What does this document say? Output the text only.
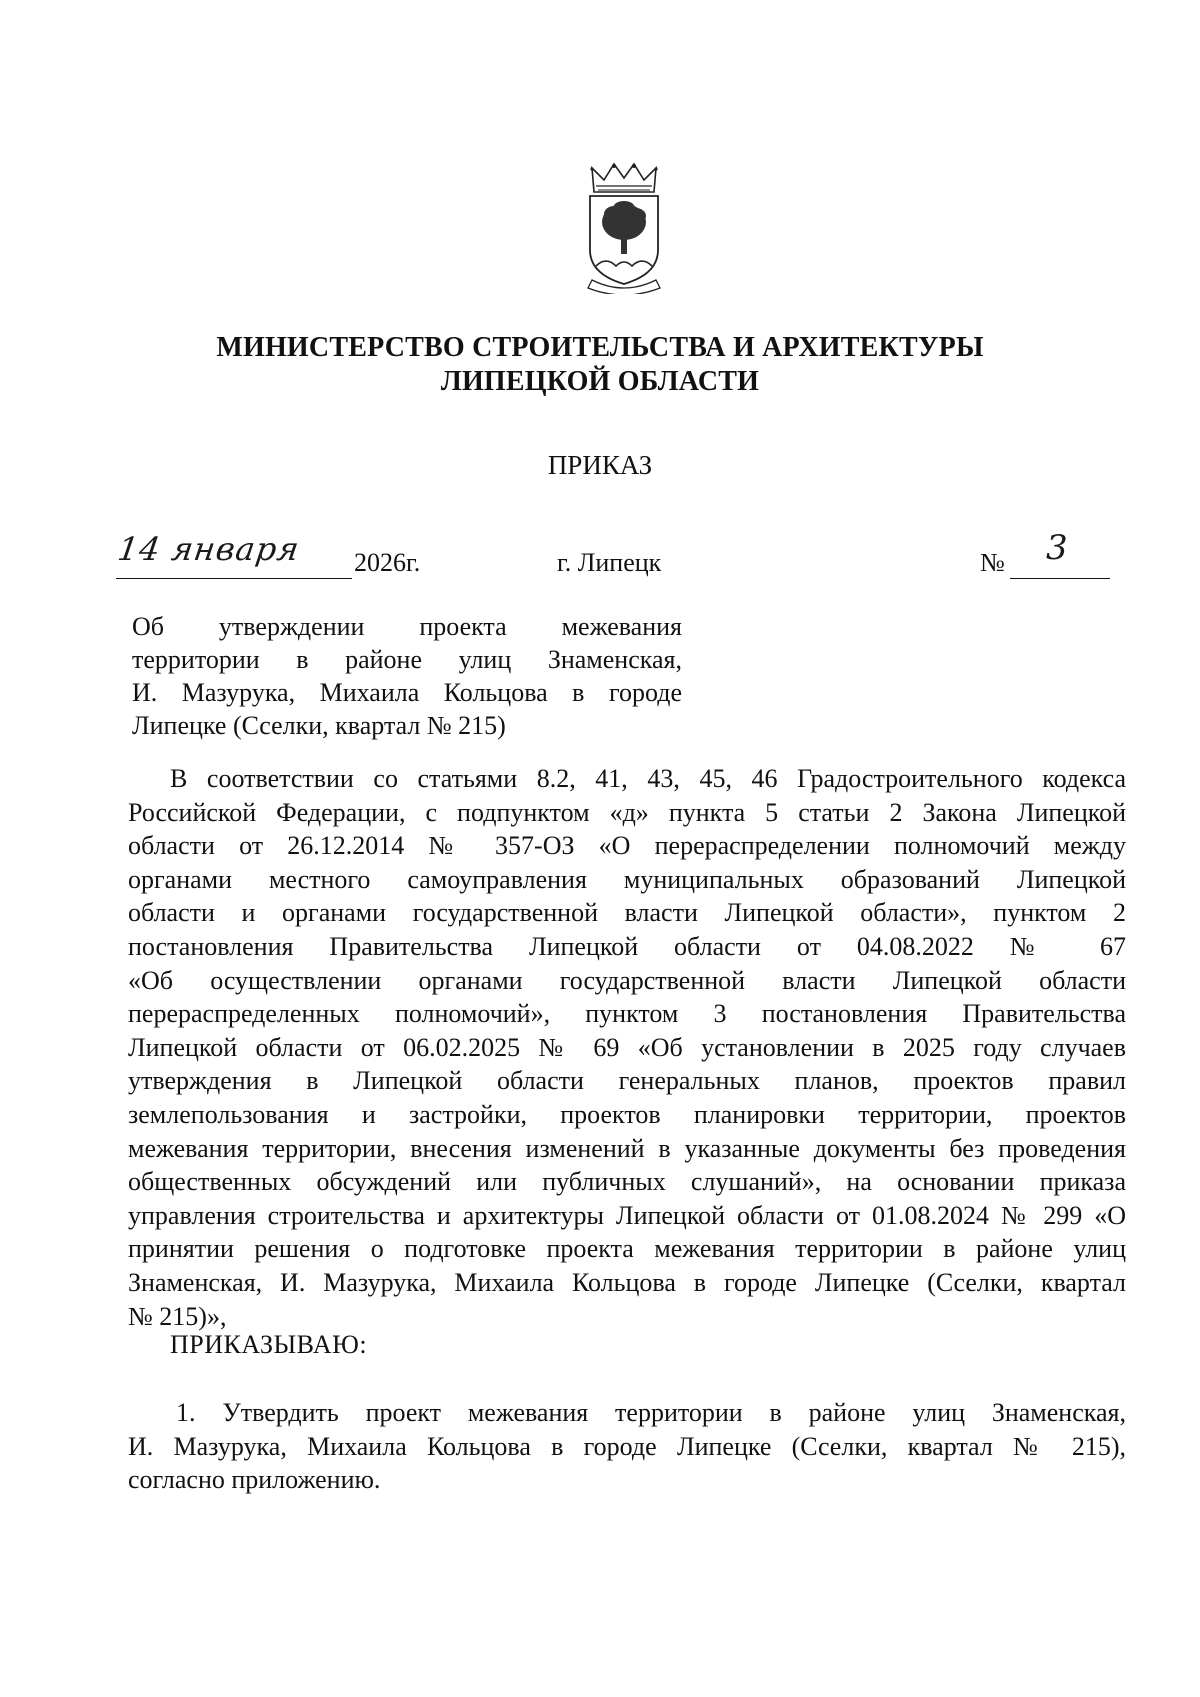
МИНИСТЕРСТВО СТРОИТЕЛЬСТВА И АРХИТЕКТУРЫ
ЛИПЕЦКОЙ ОБЛАСТИ
ПРИКАЗ
14 января 2026г.	г. Липецк	№ 3
Об утверждении проекта межевания
территории в районе улиц Знаменская,
И. Мазурука, Михаила Кольцова в городе
Липецке (Сселки, квартал № 215)
В соответствии со статьями 8.2, 41, 43, 45, 46 Градостроительного кодекса
Российской Федерации, с подпунктом «д» пункта 5 статьи 2 Закона Липецкой
области от 26.12.2014 № 357-ОЗ «О перераспределении полномочий между
органами местного самоуправления муниципальных образований Липецкой
области и органами государственной власти Липецкой области», пунктом 2
постановления Правительства Липецкой области от 04.08.2022 № 67
«Об осуществлении органами государственной власти Липецкой области
перераспределенных полномочий», пунктом 3 постановления Правительства
Липецкой области от 06.02.2025 № 69 «Об установлении в 2025 году случаев
утверждения в Липецкой области генеральных планов, проектов правил
землепользования и застройки, проектов планировки территории, проектов
межевания территории, внесения изменений в указанные документы без проведения
общественных обсуждений или публичных слушаний», на основании приказа
управления строительства и архитектуры Липецкой области от 01.08.2024 № 299 «О
принятии решения о подготовке проекта межевания территории в районе улиц
Знаменская, И. Мазурука, Михаила Кольцова в городе Липецке (Сселки, квартал
№ 215)»,
ПРИКАЗЫВАЮ:
1. Утвердить проект межевания территории в районе улиц Знаменская,
И. Мазурука, Михаила Кольцова в городе Липецке (Сселки, квартал № 215),
согласно приложению.
